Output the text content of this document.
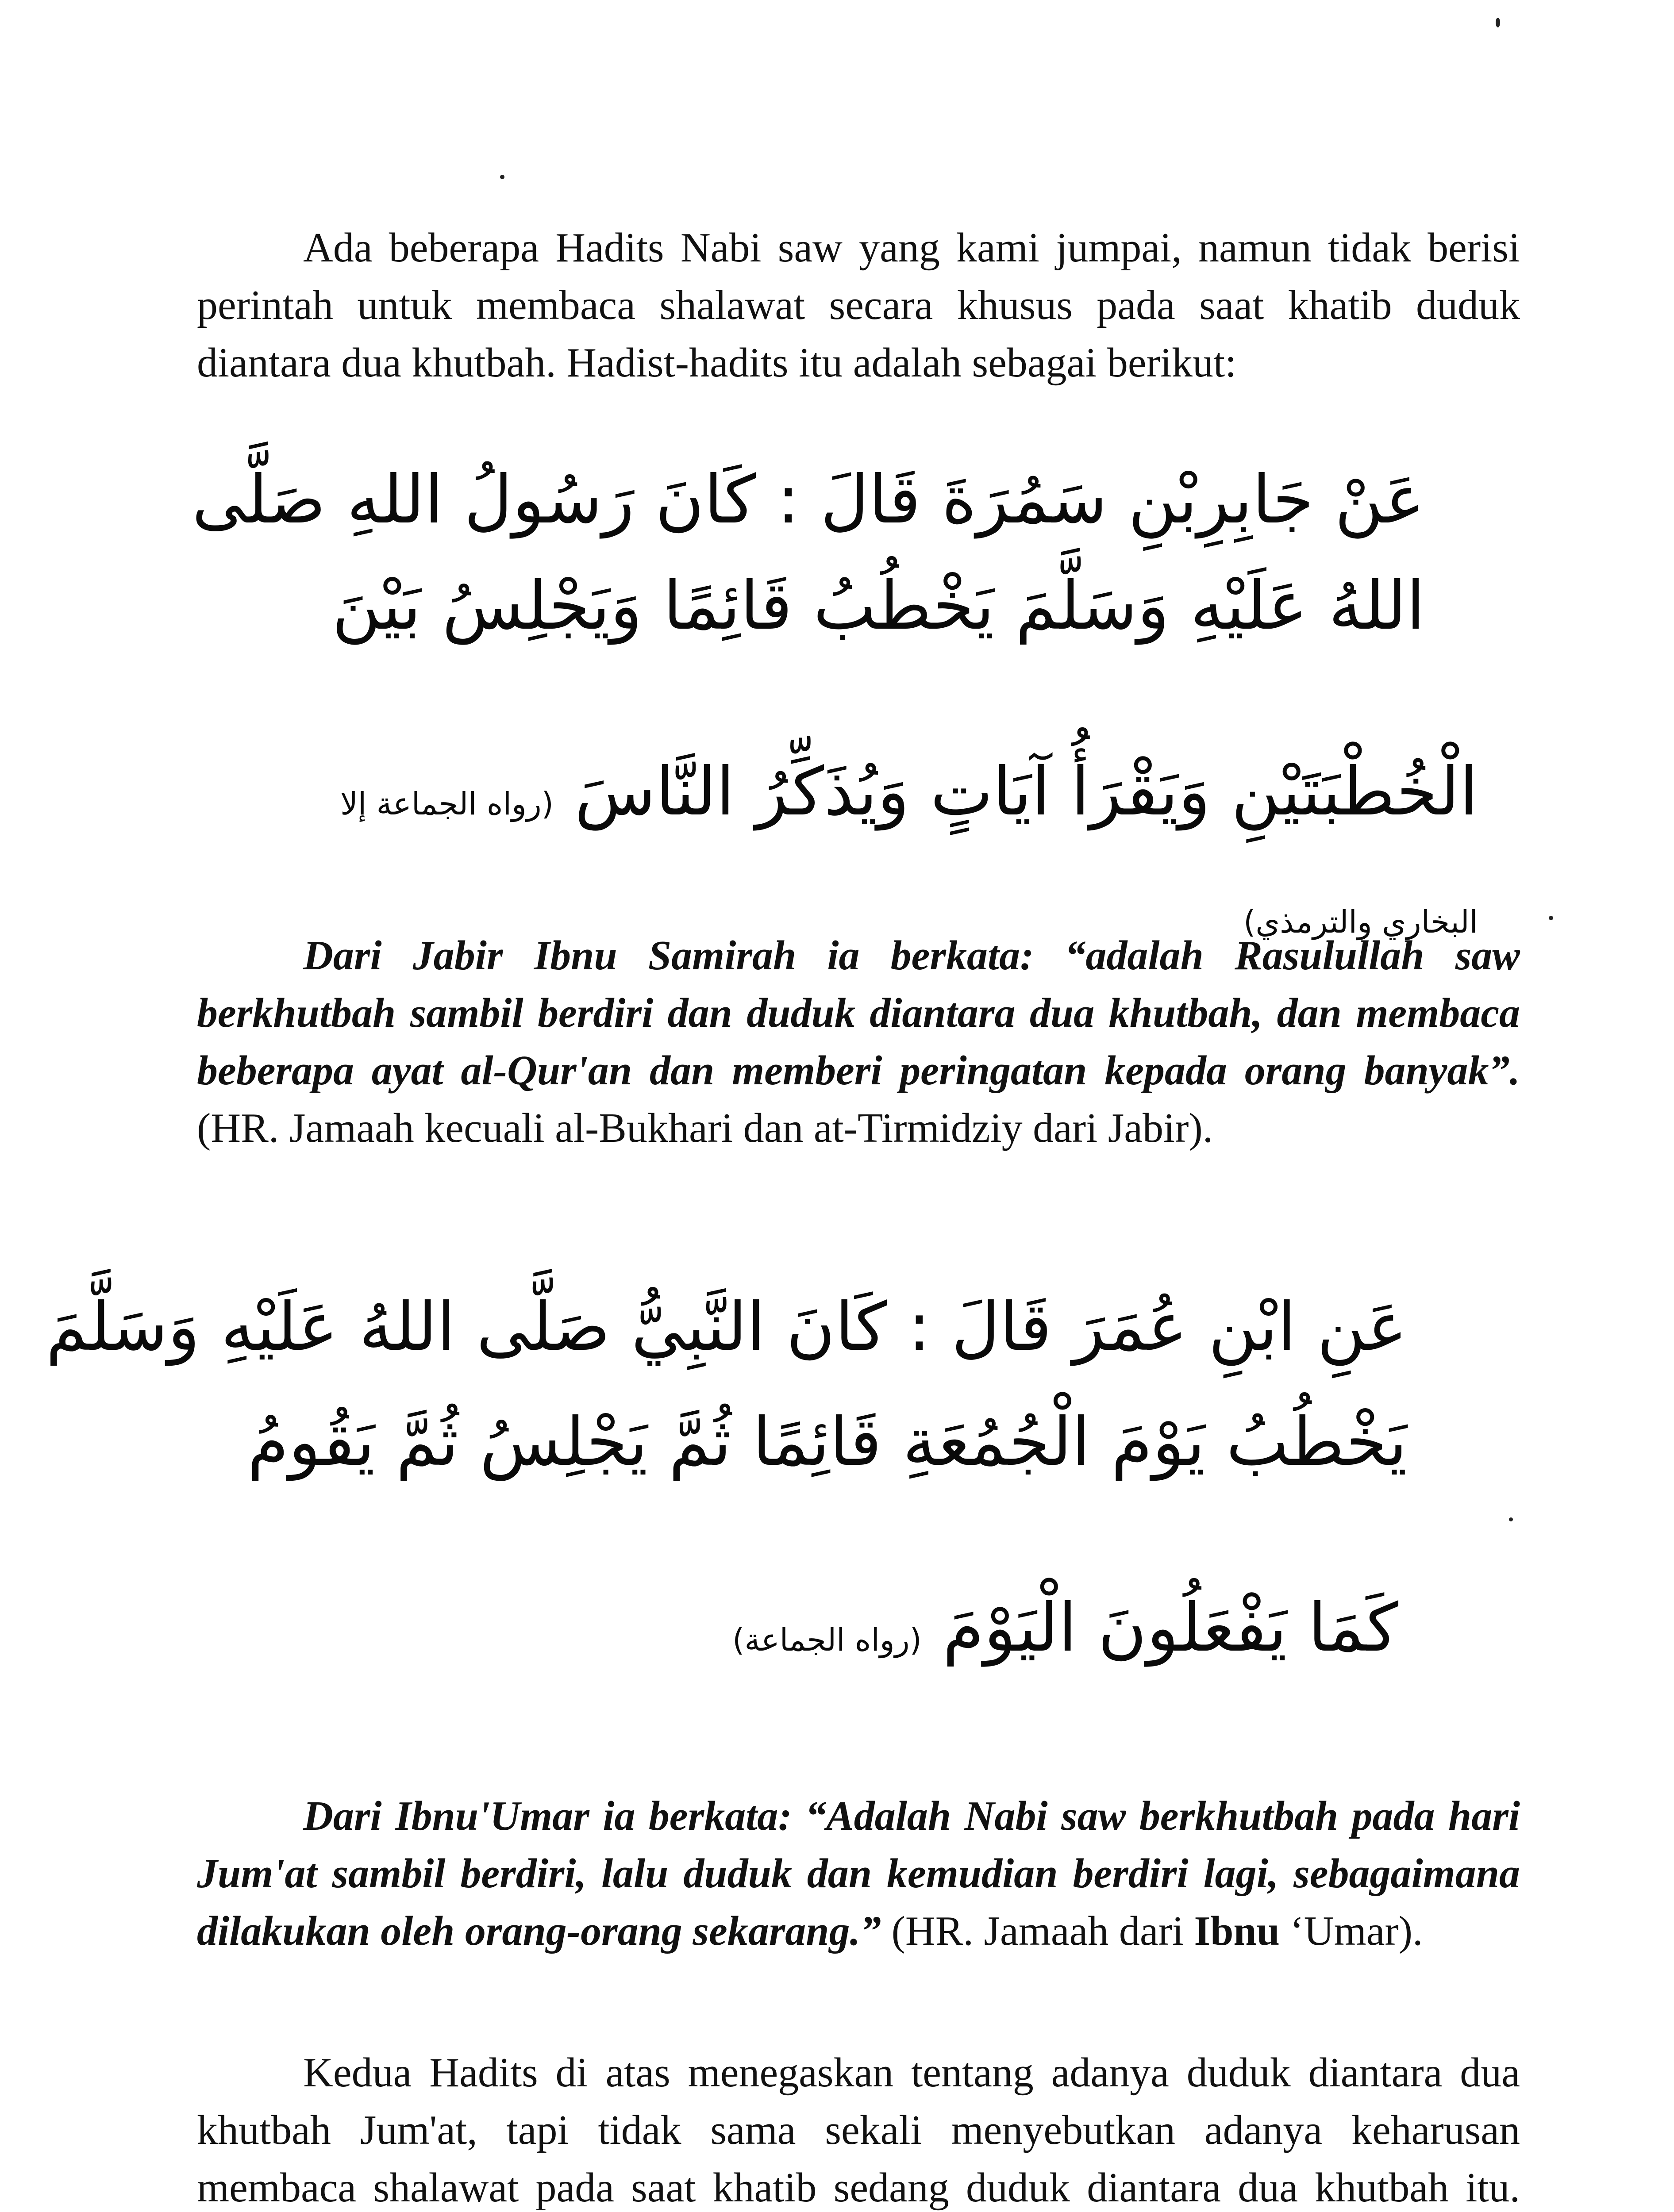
Ada beberapa Hadits Nabi saw yang kami jumpai, namun tidak berisi perintah untuk membaca shalawat secara khusus pada saat khatib duduk diantara dua khutbah. Hadist-hadits itu adalah sebagai berikut:

عَنْ جَابِرِبْنِ سَمُرَةَ قَالَ : كَانَ رَسُولُ اللهِ صَلَّى
اللهُ عَلَيْهِ وَسَلَّمَ يَخْطُبُ قَائِمًا وَيَجْلِسُ بَيْنَ
الْخُطْبَتَيْنِ وَيَقْرَأُ آيَاتٍ وَيُذَكِّرُ النَّاسَ (رواه الجماعة إلا البخاري والترمذي)

Dari Jabir Ibnu Samirah ia berkata: “adalah Rasulullah saw berkhutbah sambil berdiri dan duduk diantara dua khutbah, dan membaca beberapa ayat al-Qur'an dan memberi peringatan kepada orang banyak”. (HR. Jamaah kecuali al-Bukhari dan at-Tirmidziy dari Jabir).

عَنِ ابْنِ عُمَرَ قَالَ : كَانَ النَّبِيُّ صَلَّى اللهُ عَلَيْهِ وَسَلَّمَ
يَخْطُبُ يَوْمَ الْجُمُعَةِ قَائِمًا ثُمَّ يَجْلِسُ ثُمَّ يَقُومُ
كَمَا يَفْعَلُونَ الْيَوْمَ (رواه الجماعة)

Dari Ibnu'Umar ia berkata: “Adalah Nabi saw berkhutbah pada hari Jum'at sambil berdiri, lalu duduk dan kemudian berdiri lagi, sebagaimana dilakukan oleh orang-orang sekarang.” (HR. Jamaah dari Ibnu ‘Umar).

Kedua Hadits di atas menegaskan tentang adanya duduk diantara dua khutbah Jum'at, tapi tidak sama sekali menyebutkan adanya keharusan membaca shalawat pada saat khatib sedang duduk diantara dua khutbah itu.
